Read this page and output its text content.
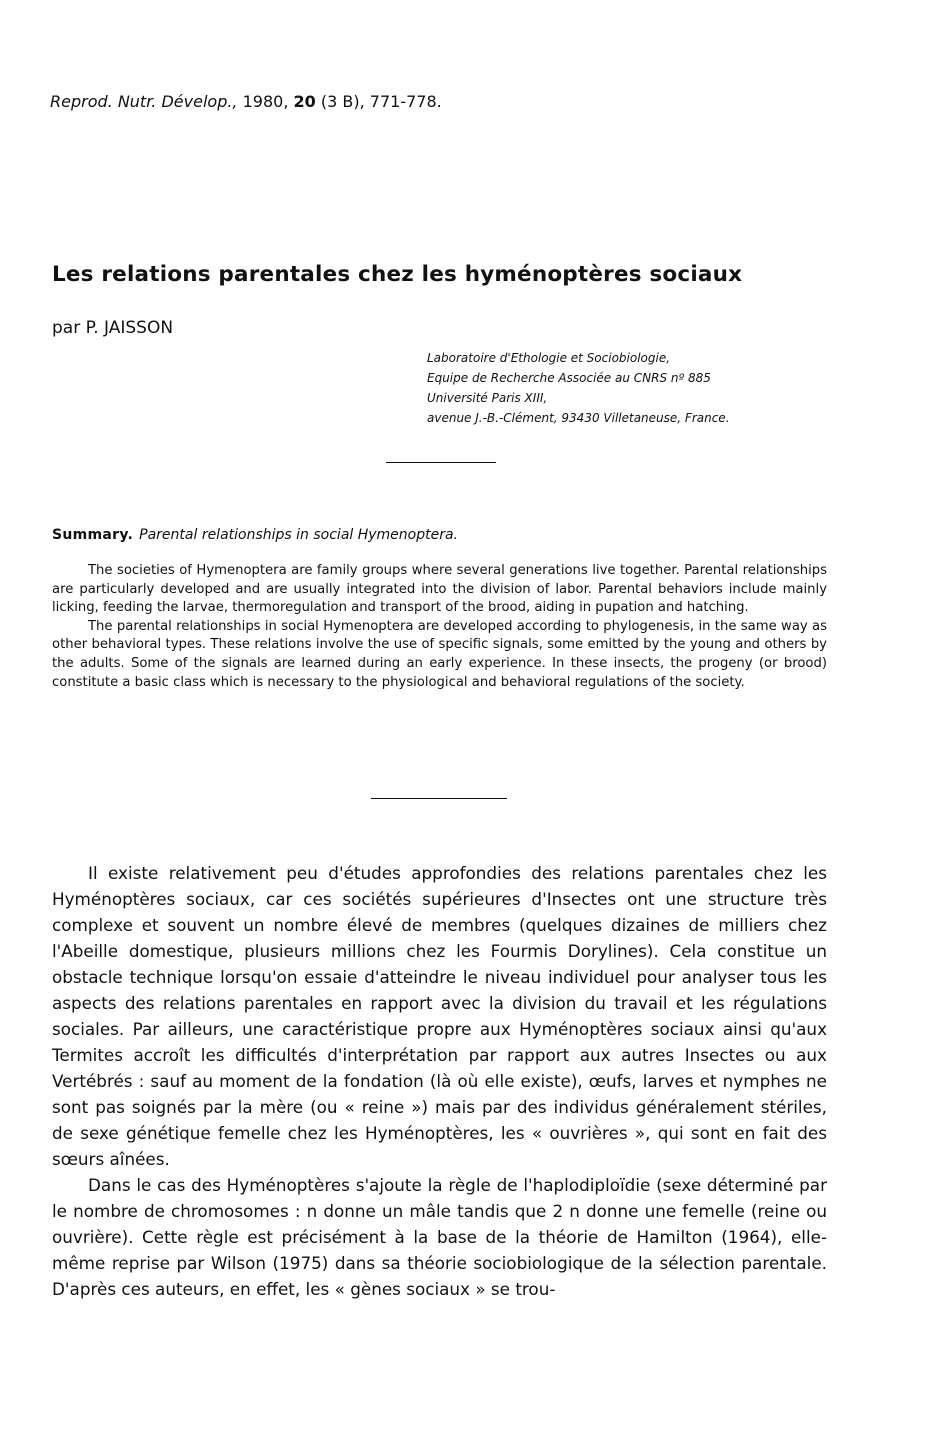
Reprod. Nutr. Dévelop., 1980, 20 (3 B), 771-778.
Les relations parentales chez les hyménoptères sociaux
par P. JAISSON
Laboratoire d'Ethologie et Sociobiologie,
Equipe de Recherche Associée au CNRS nº 885
Université Paris XIII,
avenue J.-B.-Clément, 93430 Villetaneuse, France.
Summary. Parental relationships in social Hymenoptera.

The societies of Hymenoptera are family groups where several generations live together. Parental relationships are particularly developed and are usually integrated into the division of labor. Parental behaviors include mainly licking, feeding the larvae, thermoregulation and transport of the brood, aiding in pupation and hatching.

The parental relationships in social Hymenoptera are developed according to phylogenesis, in the same way as other behavioral types. These relations involve the use of specific signals, some emitted by the young and others by the adults. Some of the signals are learned during an early experience. In these insects, the progeny (or brood) constitute a basic class which is necessary to the physiological and behavioral regulations of the society.

Il existe relativement peu d'études approfondies des relations parentales chez les Hyménoptères sociaux, car ces sociétés supérieures d'Insectes ont une structure très complexe et souvent un nombre élevé de membres (quelques dizaines de milliers chez l'Abeille domestique, plusieurs millions chez les Fourmis Dorylines). Cela constitue un obstacle technique lorsqu'on essaie d'atteindre le niveau individuel pour analyser tous les aspects des relations parentales en rapport avec la division du travail et les régulations sociales. Par ailleurs, une caractéristique propre aux Hyménoptères sociaux ainsi qu'aux Termites accroît les difficultés d'interprétation par rapport aux autres Insectes ou aux Vertébrés : sauf au moment de la fondation (là où elle existe), œufs, larves et nymphes ne sont pas soignés par la mère (ou « reine ») mais par des individus généralement stériles, de sexe génétique femelle chez les Hyménoptères, les « ouvrières », qui sont en fait des sœurs aînées.

Dans le cas des Hyménoptères s'ajoute la règle de l'haplodiploïdie (sexe déterminé par le nombre de chromosomes : n donne un mâle tandis que 2 n donne une femelle (reine ou ouvrière). Cette règle est précisément à la base de la théorie de Hamilton (1964), elle-même reprise par Wilson (1975) dans sa théorie sociobiologique de la sélection parentale. D'après ces auteurs, en effet, les « gènes sociaux » se trou-
